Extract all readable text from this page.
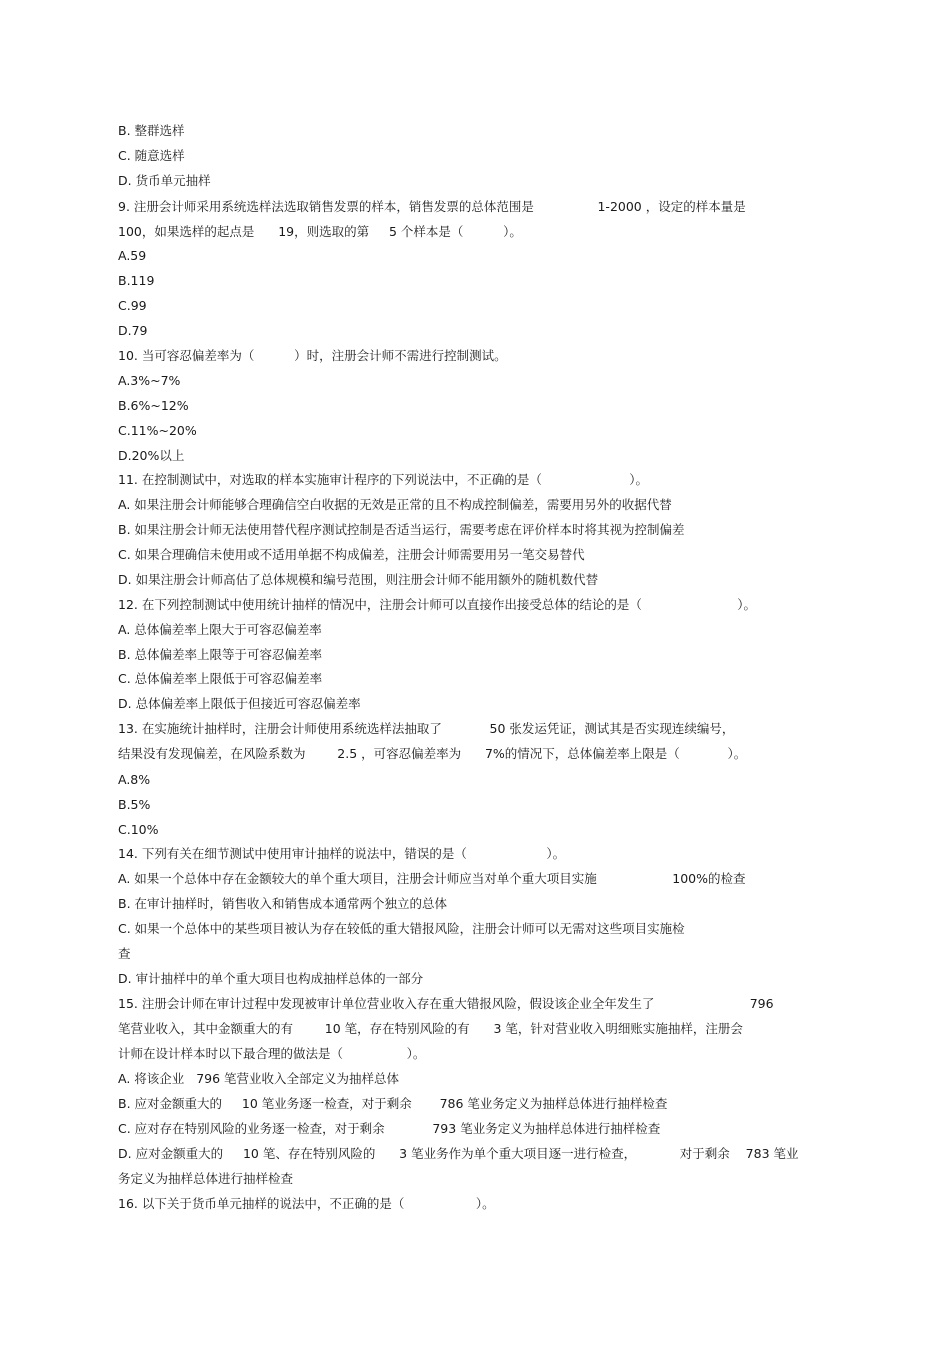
B. 整群选样
C. 随意选样
D. 货币单元抽样
9. 注册会计师采用系统选样法选取销售发票的样本，销售发票的总体范围是                1-2000 ，设定的样本量是
100，如果选样的起点是      19，则选取的第     5 个样本是（          ）。
A.59
B.119
C.99
D.79
10. 当可容忍偏差率为（          ）时，注册会计师不需进行控制测试。
A.3%~7%
B.6%~12%
C.11%~20%
D.20%以上
11. 在控制测试中，对选取的样本实施审计程序的下列说法中，不正确的是（                      ）。
A. 如果注册会计师能够合理确信空白收据的无效是正常的且不构成控制偏差，需要用另外的收据代替
B. 如果注册会计师无法使用替代程序测试控制是否适当运行，需要考虑在评价样本时将其视为控制偏差
C. 如果合理确信未使用或不适用单据不构成偏差，注册会计师需要用另一笔交易替代
D. 如果注册会计师高估了总体规模和编号范围，则注册会计师不能用额外的随机数代替
12. 在下列控制测试中使用统计抽样的情况中，注册会计师可以直接作出接受总体的结论的是（                        ）。
A. 总体偏差率上限大于可容忍偏差率
B. 总体偏差率上限等于可容忍偏差率
C. 总体偏差率上限低于可容忍偏差率
D. 总体偏差率上限低于但接近可容忍偏差率
13. 在实施统计抽样时，注册会计师使用系统选样法抽取了            50 张发运凭证，测试其是否实现连续编号，
结果没有发现偏差，在风险系数为        2.5 ，可容忍偏差率为      7%的情况下，总体偏差率上限是（            ）。
A.8%
B.5%
C.10%
14. 下列有关在细节测试中使用审计抽样的说法中，错误的是（                    ）。
A. 如果一个总体中存在金额较大的单个重大项目，注册会计师应当对单个重大项目实施                   100%的检查
B. 在审计抽样时，销售收入和销售成本通常两个独立的总体
C. 如果一个总体中的某些项目被认为存在较低的重大错报风险，注册会计师可以无需对这些项目实施检
查
D. 审计抽样中的单个重大项目也构成抽样总体的一部分
15. 注册会计师在审计过程中发现被审计单位营业收入存在重大错报风险，假设该企业全年发生了                        796
笔营业收入，其中金额重大的有        10 笔，存在特别风险的有      3 笔，针对营业收入明细账实施抽样，注册会
计师在设计样本时以下最合理的做法是（                ）。
A. 将该企业   796 笔营业收入全部定义为抽样总体
B. 应对金额重大的     10 笔业务逐一检查，对于剩余       786 笔业务定义为抽样总体进行抽样检查
C. 应对存在特别风险的业务逐一检查，对于剩余            793 笔业务定义为抽样总体进行抽样检查
D. 应对金额重大的     10 笔、存在特别风险的      3 笔业务作为单个重大项目逐一进行检查，           对于剩余    783 笔业
务定义为抽样总体进行抽样检查
16. 以下关于货币单元抽样的说法中，不正确的是（                  ）。
